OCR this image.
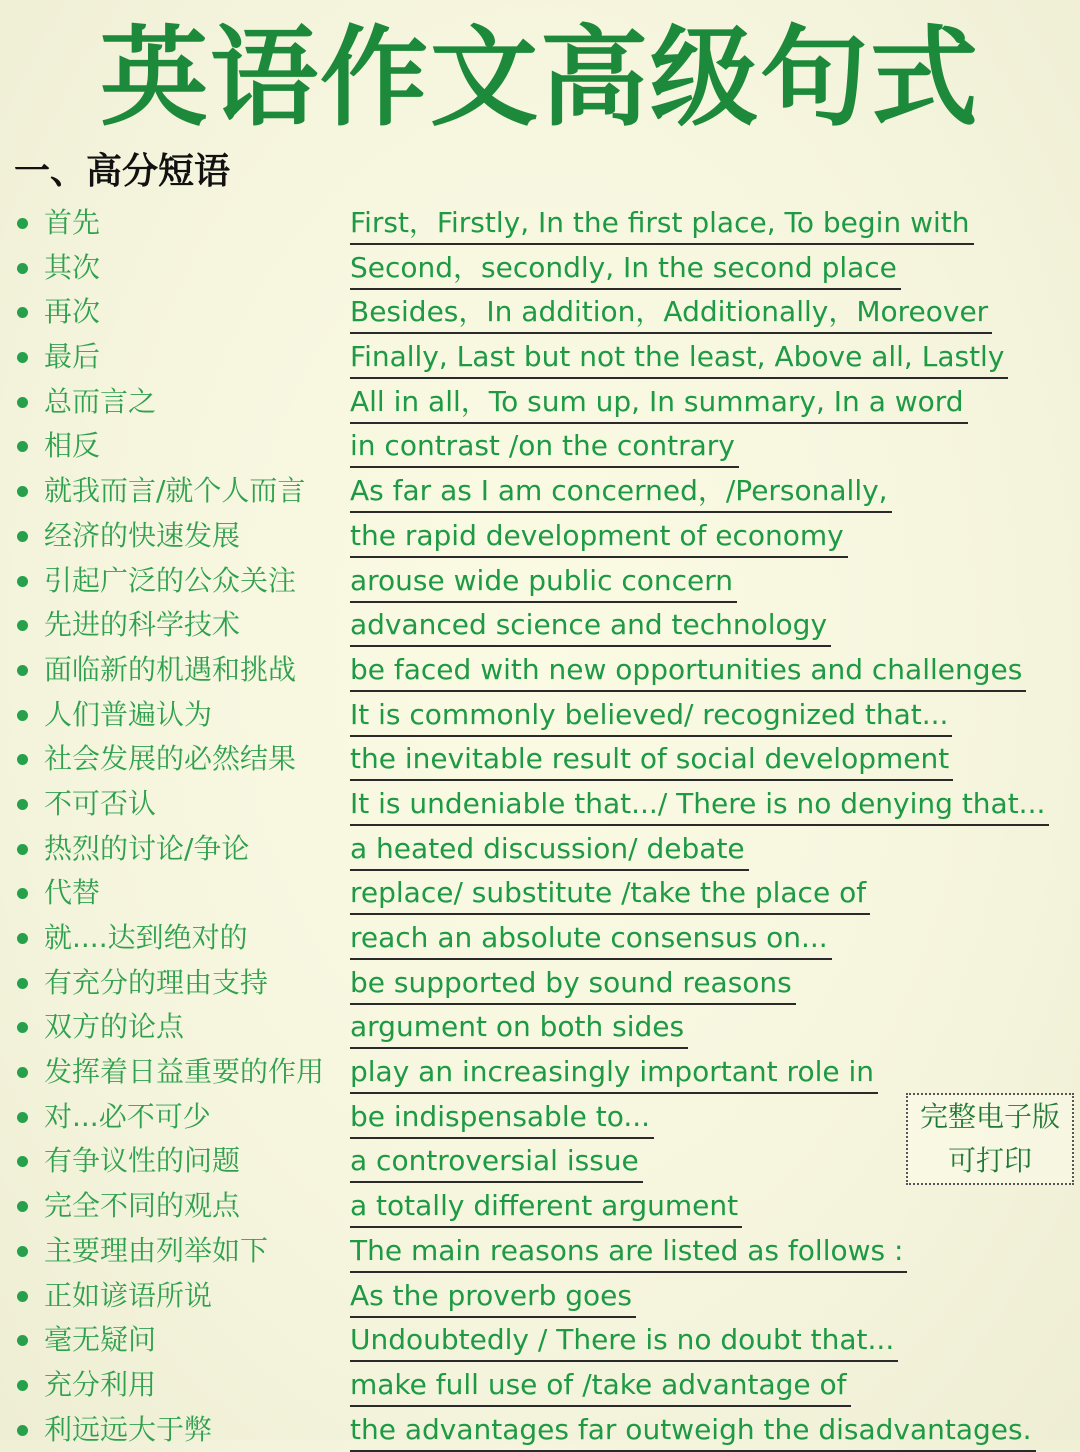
英语作文高级句式
一、高分短语
首先	First，Firstly, In the first place, To begin with
其次	Second，secondly, In the second place
再次	Besides，In addition，Additionally，Moreover
最后	Finally, Last but not the least, Above all, Lastly
总而言之	All in all，To sum up, In summary, In a word
相反	in contrast /on the contrary
就我而言/就个人而言 As far as I am concerned，/Personally,
经济的快速发展	the rapid development of economy
引起广泛的公众关注 arouse wide public concern
先进的科学技术	advanced science and technology
面临新的机遇和挑战 be faced with new opportunities and challenges
人们普遍认为	It is commonly believed/ recognized that...
社会发展的必然结果 the inevitable result of social development
不可否认	It is undeniable that.../ There is no denying that...
热烈的讨论/争论	a heated discussion/ debate
代替	replace/ substitute /take the place of
就....达到绝对的	reach an absolute consensus on...
有充分的理由支持	be supported by sound reasons
双方的论点	argument on both sides
发挥着日益重要的作用 play an increasingly important role in
对...必不可少	be indispensable to...
有争议性的问题	a controversial issue
完全不同的观点	a totally different argument
主要理由列举如下	The main reasons are listed as follows :
正如谚语所说	As the proverb goes
毫无疑问	Undoubtedly / There is no doubt that...
充分利用	make full use of /take advantage of
利远远大于弊	the advantages far outweigh the disadvantages.
完整电子版
可打印
